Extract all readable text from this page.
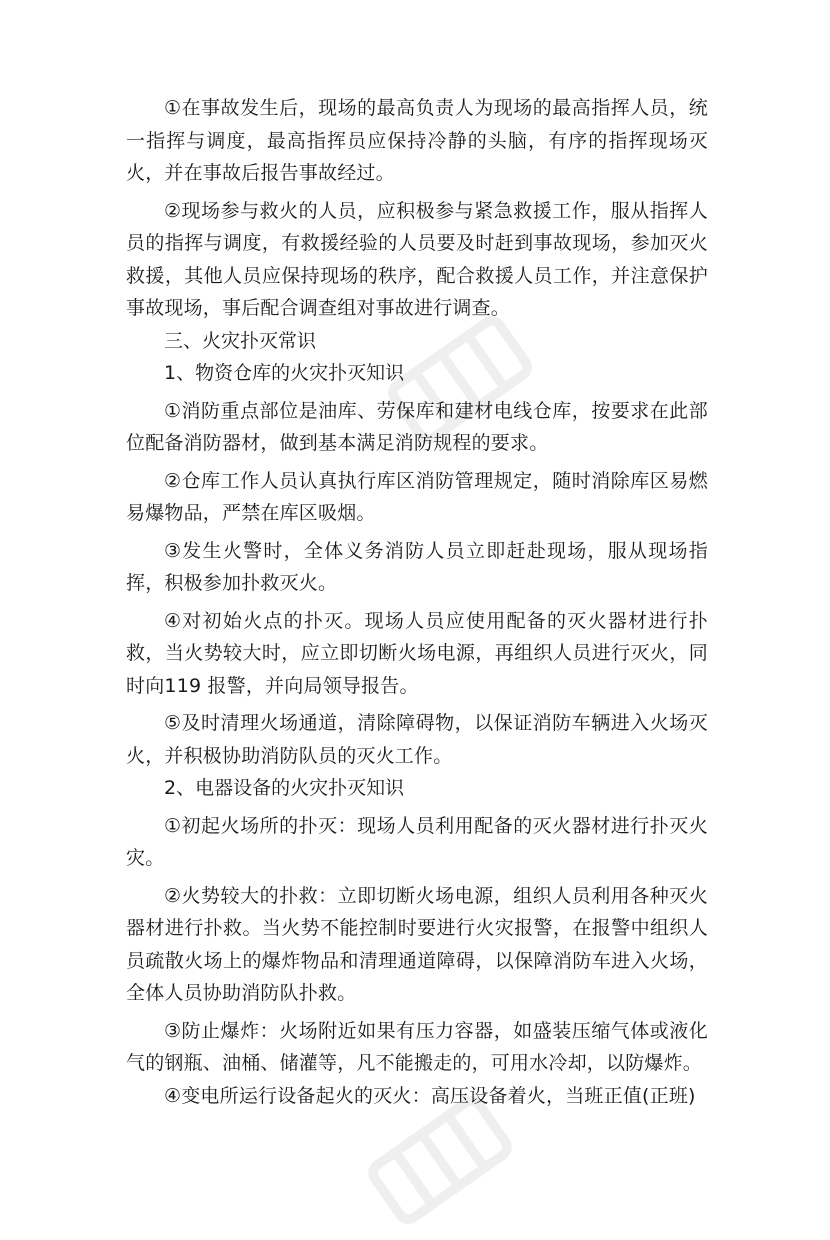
①在事故发生后，现场的最高负责人为现场的最高指挥人员，统一指挥与调度，最高指挥员应保持冷静的头脑，有序的指挥现场灭火，并在事故后报告事故经过。

②现场参与救火的人员，应积极参与紧急救援工作，服从指挥人员的指挥与调度，有救援经验的人员要及时赶到事故现场，参加灭火救援，其他人员应保持现场的秩序，配合救援人员工作，并注意保护事故现场，事后配合调查组对事故进行调查。

三、火灾扑灭常识

1、物资仓库的火灾扑灭知识

①消防重点部位是油库、劳保库和建材电线仓库，按要求在此部位配备消防器材，做到基本满足消防规程的要求。

②仓库工作人员认真执行库区消防管理规定，随时消除库区易燃易爆物品，严禁在库区吸烟。

③发生火警时，全体义务消防人员立即赶赴现场，服从现场指挥，积极参加扑救灭火。

④对初始火点的扑灭。现场人员应使用配备的灭火器材进行扑救，当火势较大时，应立即切断火场电源，再组织人员进行灭火，同时向119 报警，并向局领导报告。

⑤及时清理火场通道，清除障碍物，以保证消防车辆进入火场灭火，并积极协助消防队员的灭火工作。

2、电器设备的火灾扑灭知识

①初起火场所的扑灭：现场人员利用配备的灭火器材进行扑灭火灾。

②火势较大的扑救：立即切断火场电源，组织人员利用各种灭火器材进行扑救。当火势不能控制时要进行火灾报警，在报警中组织人员疏散火场上的爆炸物品和清理通道障碍，以保障消防车进入火场，全体人员协助消防队扑救。

③防止爆炸：火场附近如果有压力容器，如盛装压缩气体或液化气的钢瓶、油桶、储灌等，凡不能搬走的，可用水冷却，以防爆炸。

④变电所运行设备起火的灭火：高压设备着火，当班正值(正班)
